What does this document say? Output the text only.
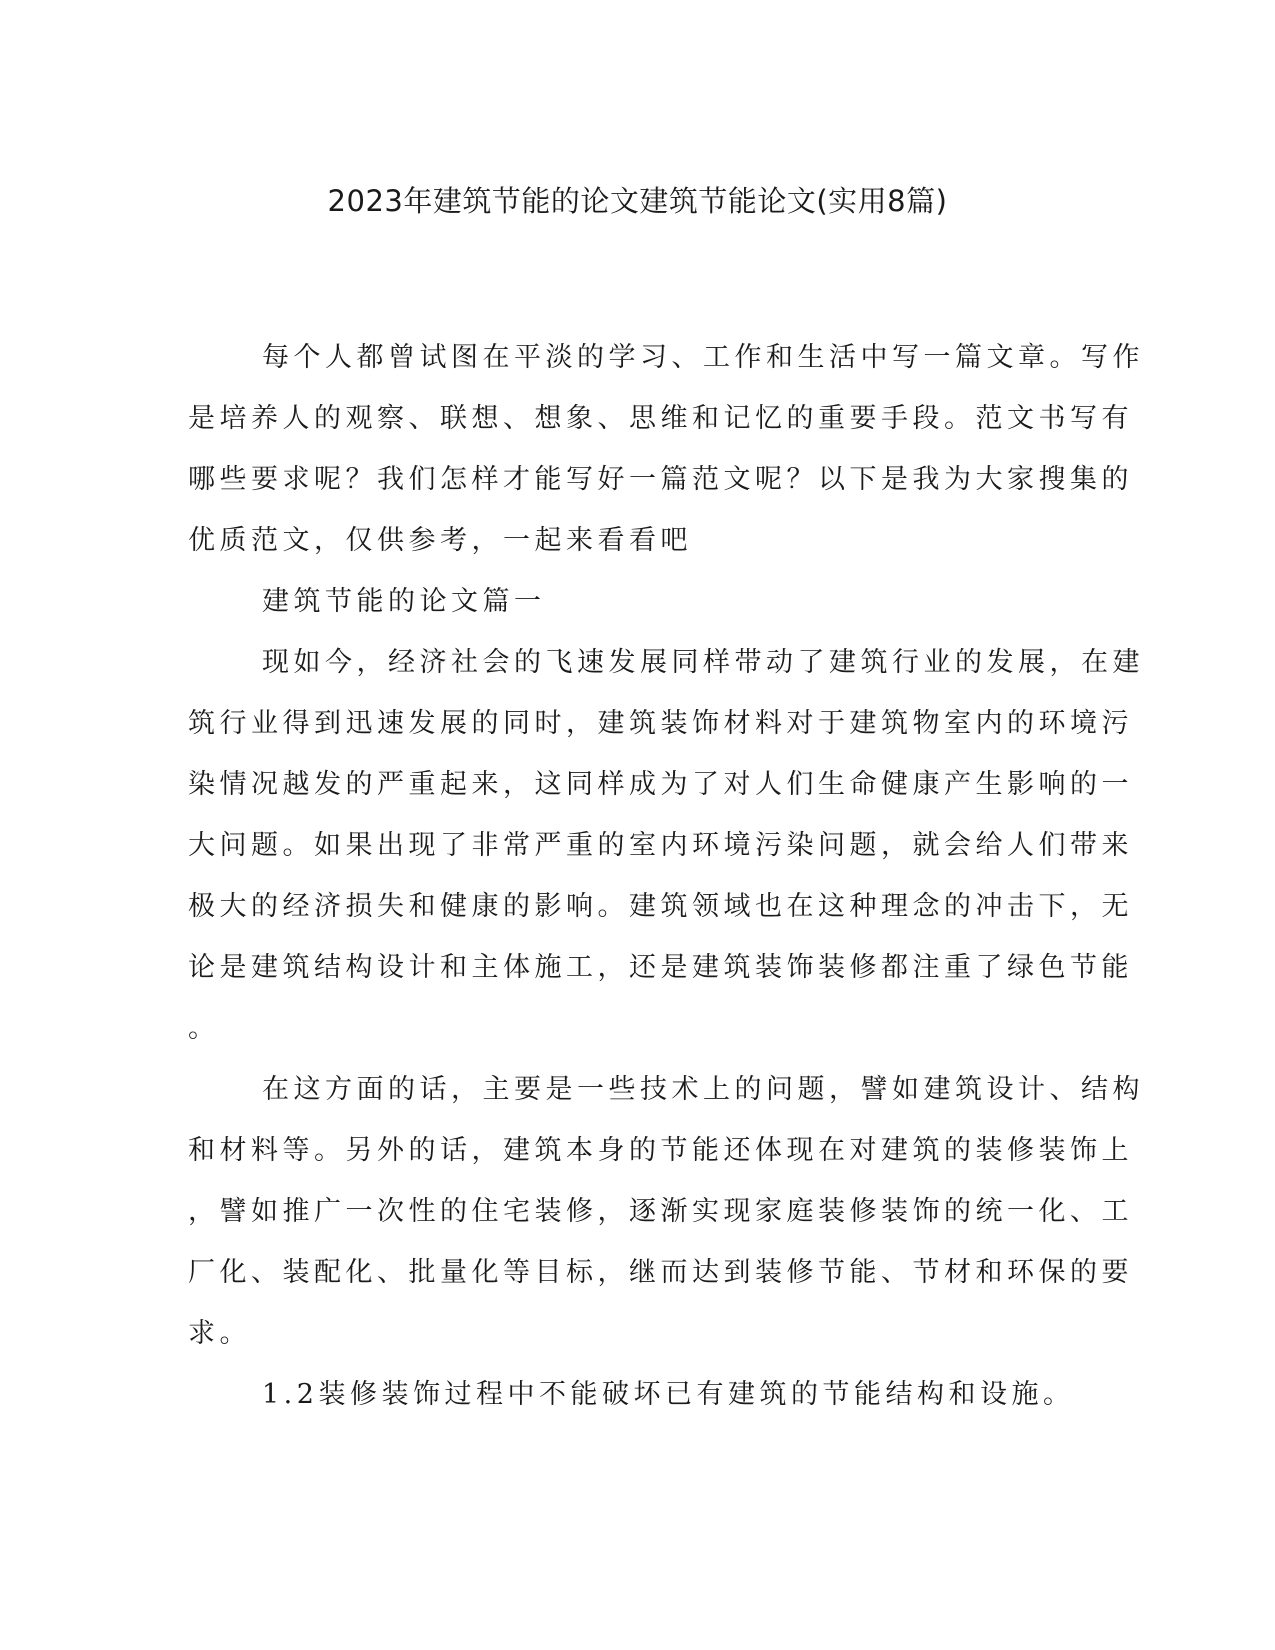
2023年建筑节能的论文建筑节能论文(实用8篇)
每个人都曾试图在平淡的学习、工作和生活中写一篇文章。写作
是培养人的观察、联想、想象、思维和记忆的重要手段。范文书写有
哪些要求呢？我们怎样才能写好一篇范文呢？以下是我为大家搜集的
优质范文，仅供参考，一起来看看吧
建筑节能的论文篇一
现如今，经济社会的飞速发展同样带动了建筑行业的发展，在建
筑行业得到迅速发展的同时，建筑装饰材料对于建筑物室内的环境污
染情况越发的严重起来，这同样成为了对人们生命健康产生影响的一
大问题。如果出现了非常严重的室内环境污染问题，就会给人们带来
极大的经济损失和健康的影响。建筑领域也在这种理念的冲击下，无
论是建筑结构设计和主体施工，还是建筑装饰装修都注重了绿色节能
。
在这方面的话，主要是一些技术上的问题，譬如建筑设计、结构
和材料等。另外的话，建筑本身的节能还体现在对建筑的装修装饰上
，譬如推广一次性的住宅装修，逐渐实现家庭装修装饰的统一化、工
厂化、装配化、批量化等目标，继而达到装修节能、节材和环保的要
求。
1.2装修装饰过程中不能破坏已有建筑的节能结构和设施。
